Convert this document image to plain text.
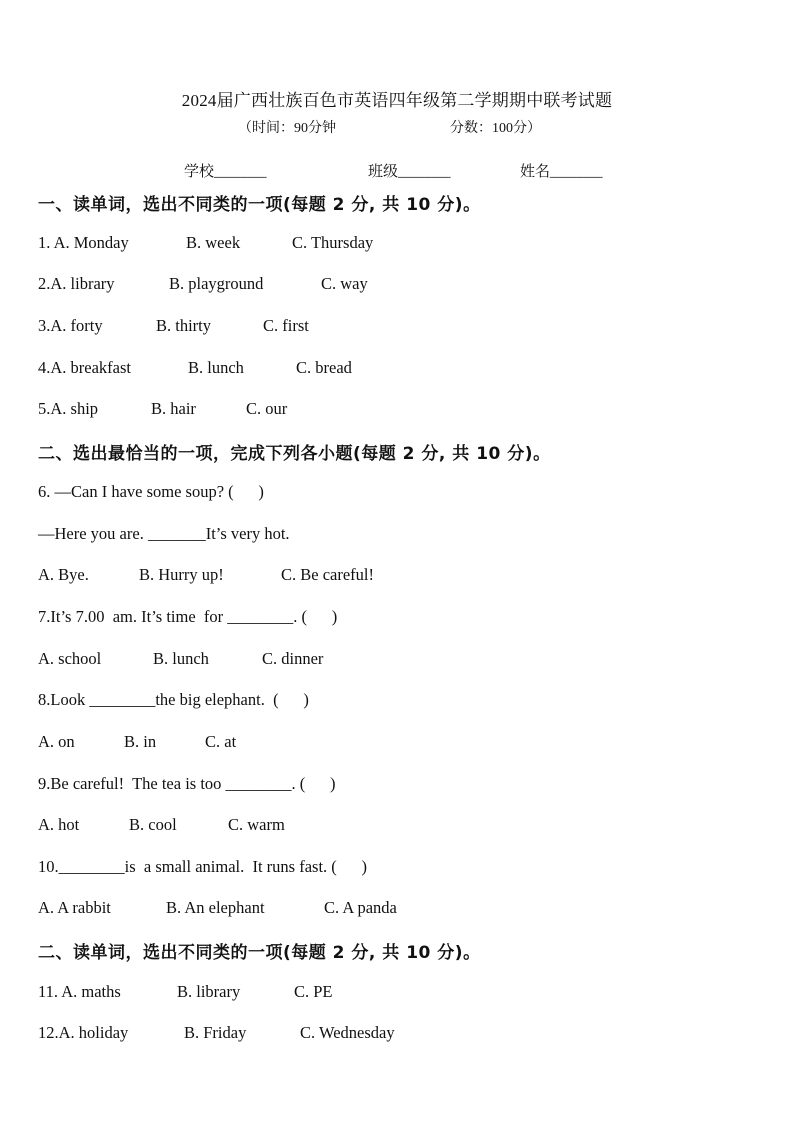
2024届广西壮族百色市英语四年级第二学期期中联考试题
（时间：90分钟	分数：100分）
学校_______	班级_______	姓名_______
一、读单词，选出不同类的一项(每题 2 分, 共 10 分)。
1. A. Monday	B. week	C. Thursday
2.A. library	B. playground	C. way
3.A. forty	B. thirty	C. first
4.A. breakfast	B. lunch	C. bread
5.A. ship	B. hair	C. our
二、选出最恰当的一项，完成下列各小题(每题 2 分, 共 10 分)。
6. —Can I have some soup? (      )
—Here you are. _______It’s very hot.
A. Bye.	B. Hurry up!	C. Be careful!
7.It’s 7.00  am. It’s time  for ________. (      )
A. school	B. lunch	C. dinner
8.Look ________the big elephant.  (      )
A. on	B. in	C. at
9.Be careful!  The tea is too ________. (      )
A. hot	B. cool	C. warm
10.________is  a small animal.  It runs fast. (      )
A. A rabbit	B. An elephant	C. A panda
二、读单词，选出不同类的一项(每题 2 分, 共 10 分)。
11. A. maths	B. library	C. PE
12.A. holiday	B. Friday	C. Wednesday
